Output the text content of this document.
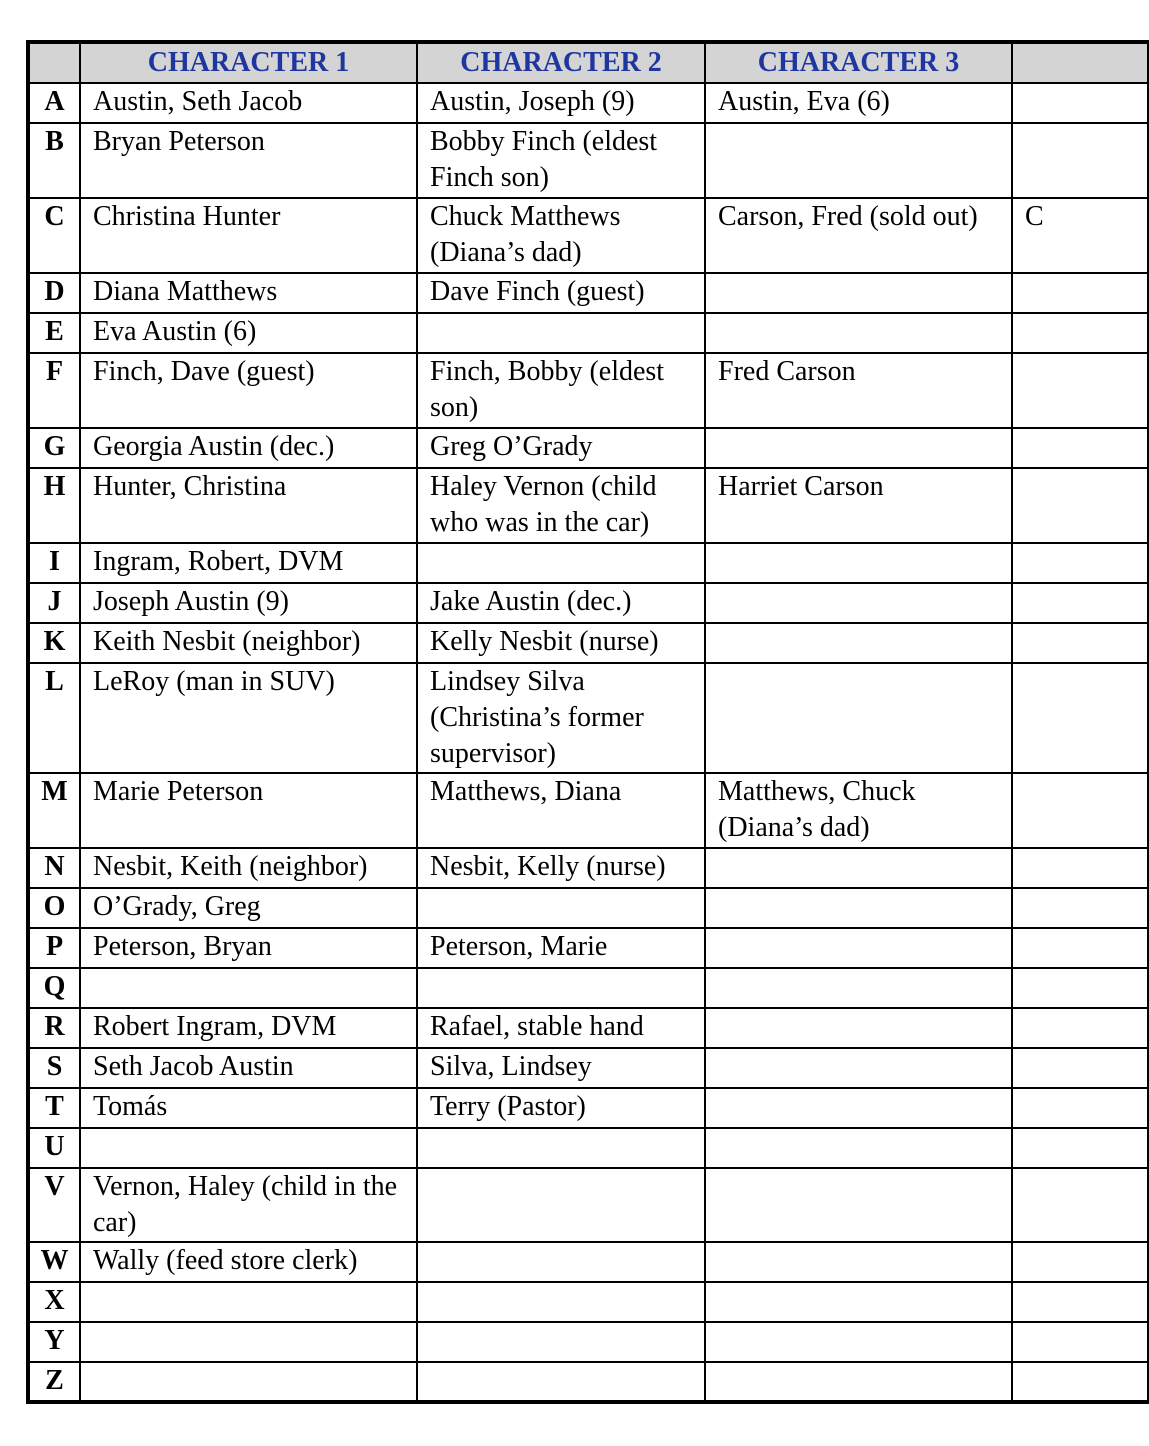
	CHARACTER 1	CHARACTER 2	CHARACTER 3	
A	Austin, Seth Jacob	Austin, Joseph (9)	Austin, Eva (6)	
B	Bryan Peterson	Bobby Finch (eldest Finch son)		
C	Christina Hunter	Chuck Matthews (Diana’s dad)	Carson, Fred (sold out)	C
D	Diana Matthews	Dave Finch (guest)		
E	Eva Austin (6)			
F	Finch, Dave (guest)	Finch, Bobby (eldest son)	Fred Carson	
G	Georgia Austin (dec.)	Greg O’Grady		
H	Hunter, Christina	Haley Vernon (child who was in the car)	Harriet Carson	
I	Ingram, Robert, DVM			
J	Joseph Austin (9)	Jake Austin (dec.)		
K	Keith Nesbit (neighbor)	Kelly Nesbit (nurse)		
L	LeRoy (man in SUV)	Lindsey Silva (Christina’s former supervisor)		
M	Marie Peterson	Matthews, Diana	Matthews, Chuck (Diana’s dad)	
N	Nesbit, Keith (neighbor)	Nesbit, Kelly (nurse)		
O	O’Grady, Greg			
P	Peterson, Bryan	Peterson, Marie		
Q				
R	Robert Ingram, DVM	Rafael, stable hand		
S	Seth Jacob Austin	Silva, Lindsey		
T	Tomás	Terry (Pastor)		
U				
V	Vernon, Haley (child in the car)			
W	Wally (feed store clerk)			
X				
Y				
Z				
